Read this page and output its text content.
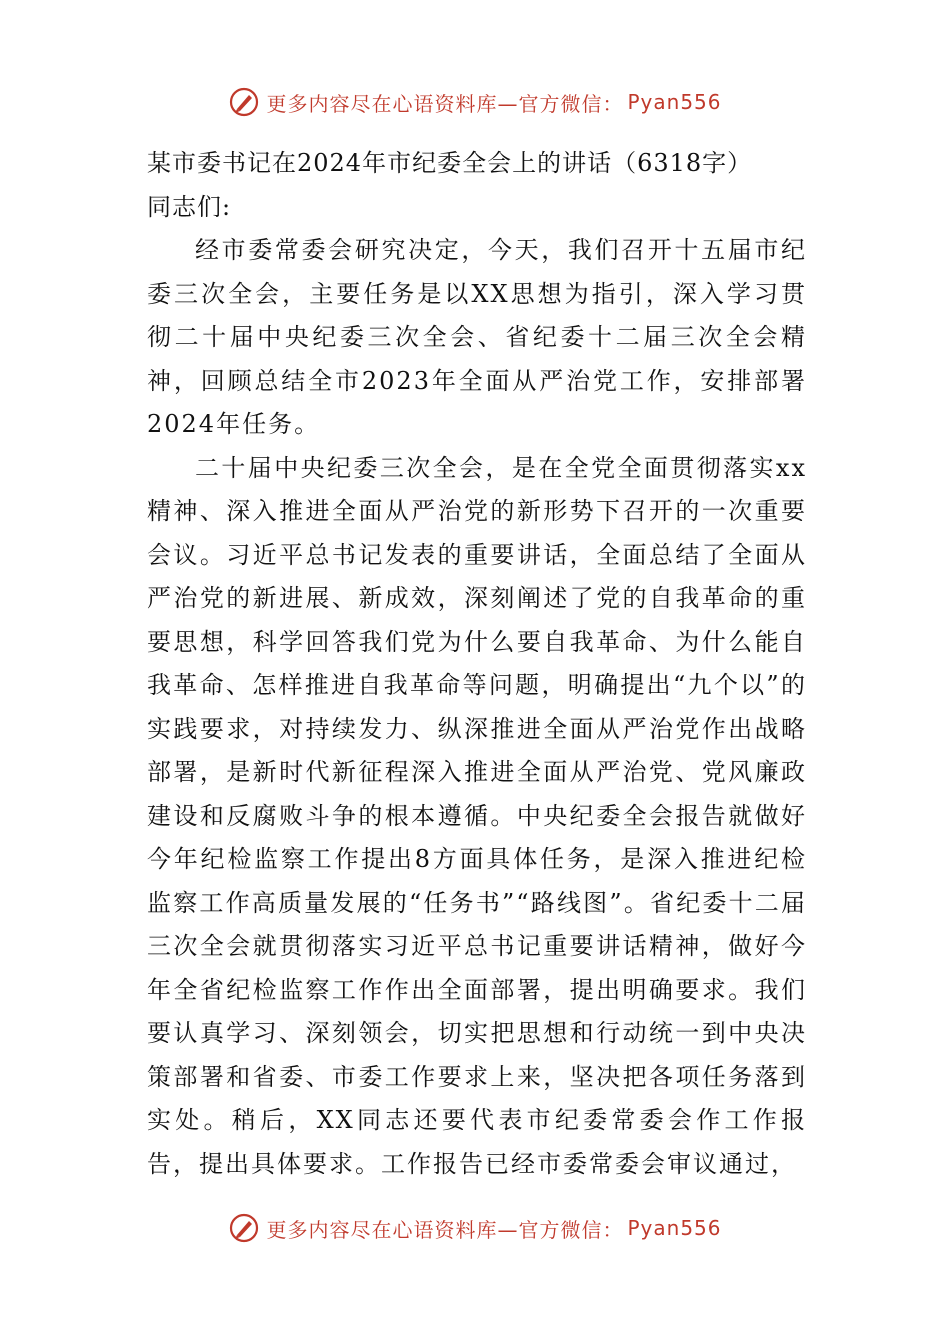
更多内容尽在心语资料库—官方微信： Pyan556

某市委书记在2024年市纪委全会上的讲话（6318字）

同志们:

经市委常委会研究决定，今天，我们召开十五届市纪委三次全会，主要任务是以XX思想为指引，深入学习贯彻二十届中央纪委三次全会、省纪委十二届三次全会精神，回顾总结全市2023年全面从严治党工作，安排部署2024年任务。

二十届中央纪委三次全会，是在全党全面贯彻落实xx精神、深入推进全面从严治党的新形势下召开的一次重要会议。习近平总书记发表的重要讲话，全面总结了全面从严治党的新进展、新成效，深刻阐述了党的自我革命的重要思想，科学回答我们党为什么要自我革命、为什么能自我革命、怎样推进自我革命等问题，明确提出“九个以”的实践要求，对持续发力、纵深推进全面从严治党作出战略部署，是新时代新征程深入推进全面从严治党、党风廉政建设和反腐败斗争的根本遵循。中央纪委全会报告就做好今年纪检监察工作提出8方面具体任务，是深入推进纪检监察工作高质量发展的“任务书”“路线图”。省纪委十二届三次全会就贯彻落实习近平总书记重要讲话精神，做好今年全省纪检监察工作作出全面部署，提出明确要求。我们要认真学习、深刻领会，切实把思想和行动统一到中央决策部署和省委、市委工作要求上来，坚决把各项任务落到实处。稍后，XX同志还要代表市纪委常委会作工作报告，提出具体要求。工作报告已经市委常委会审议通过，

更多内容尽在心语资料库—官方微信： Pyan556
